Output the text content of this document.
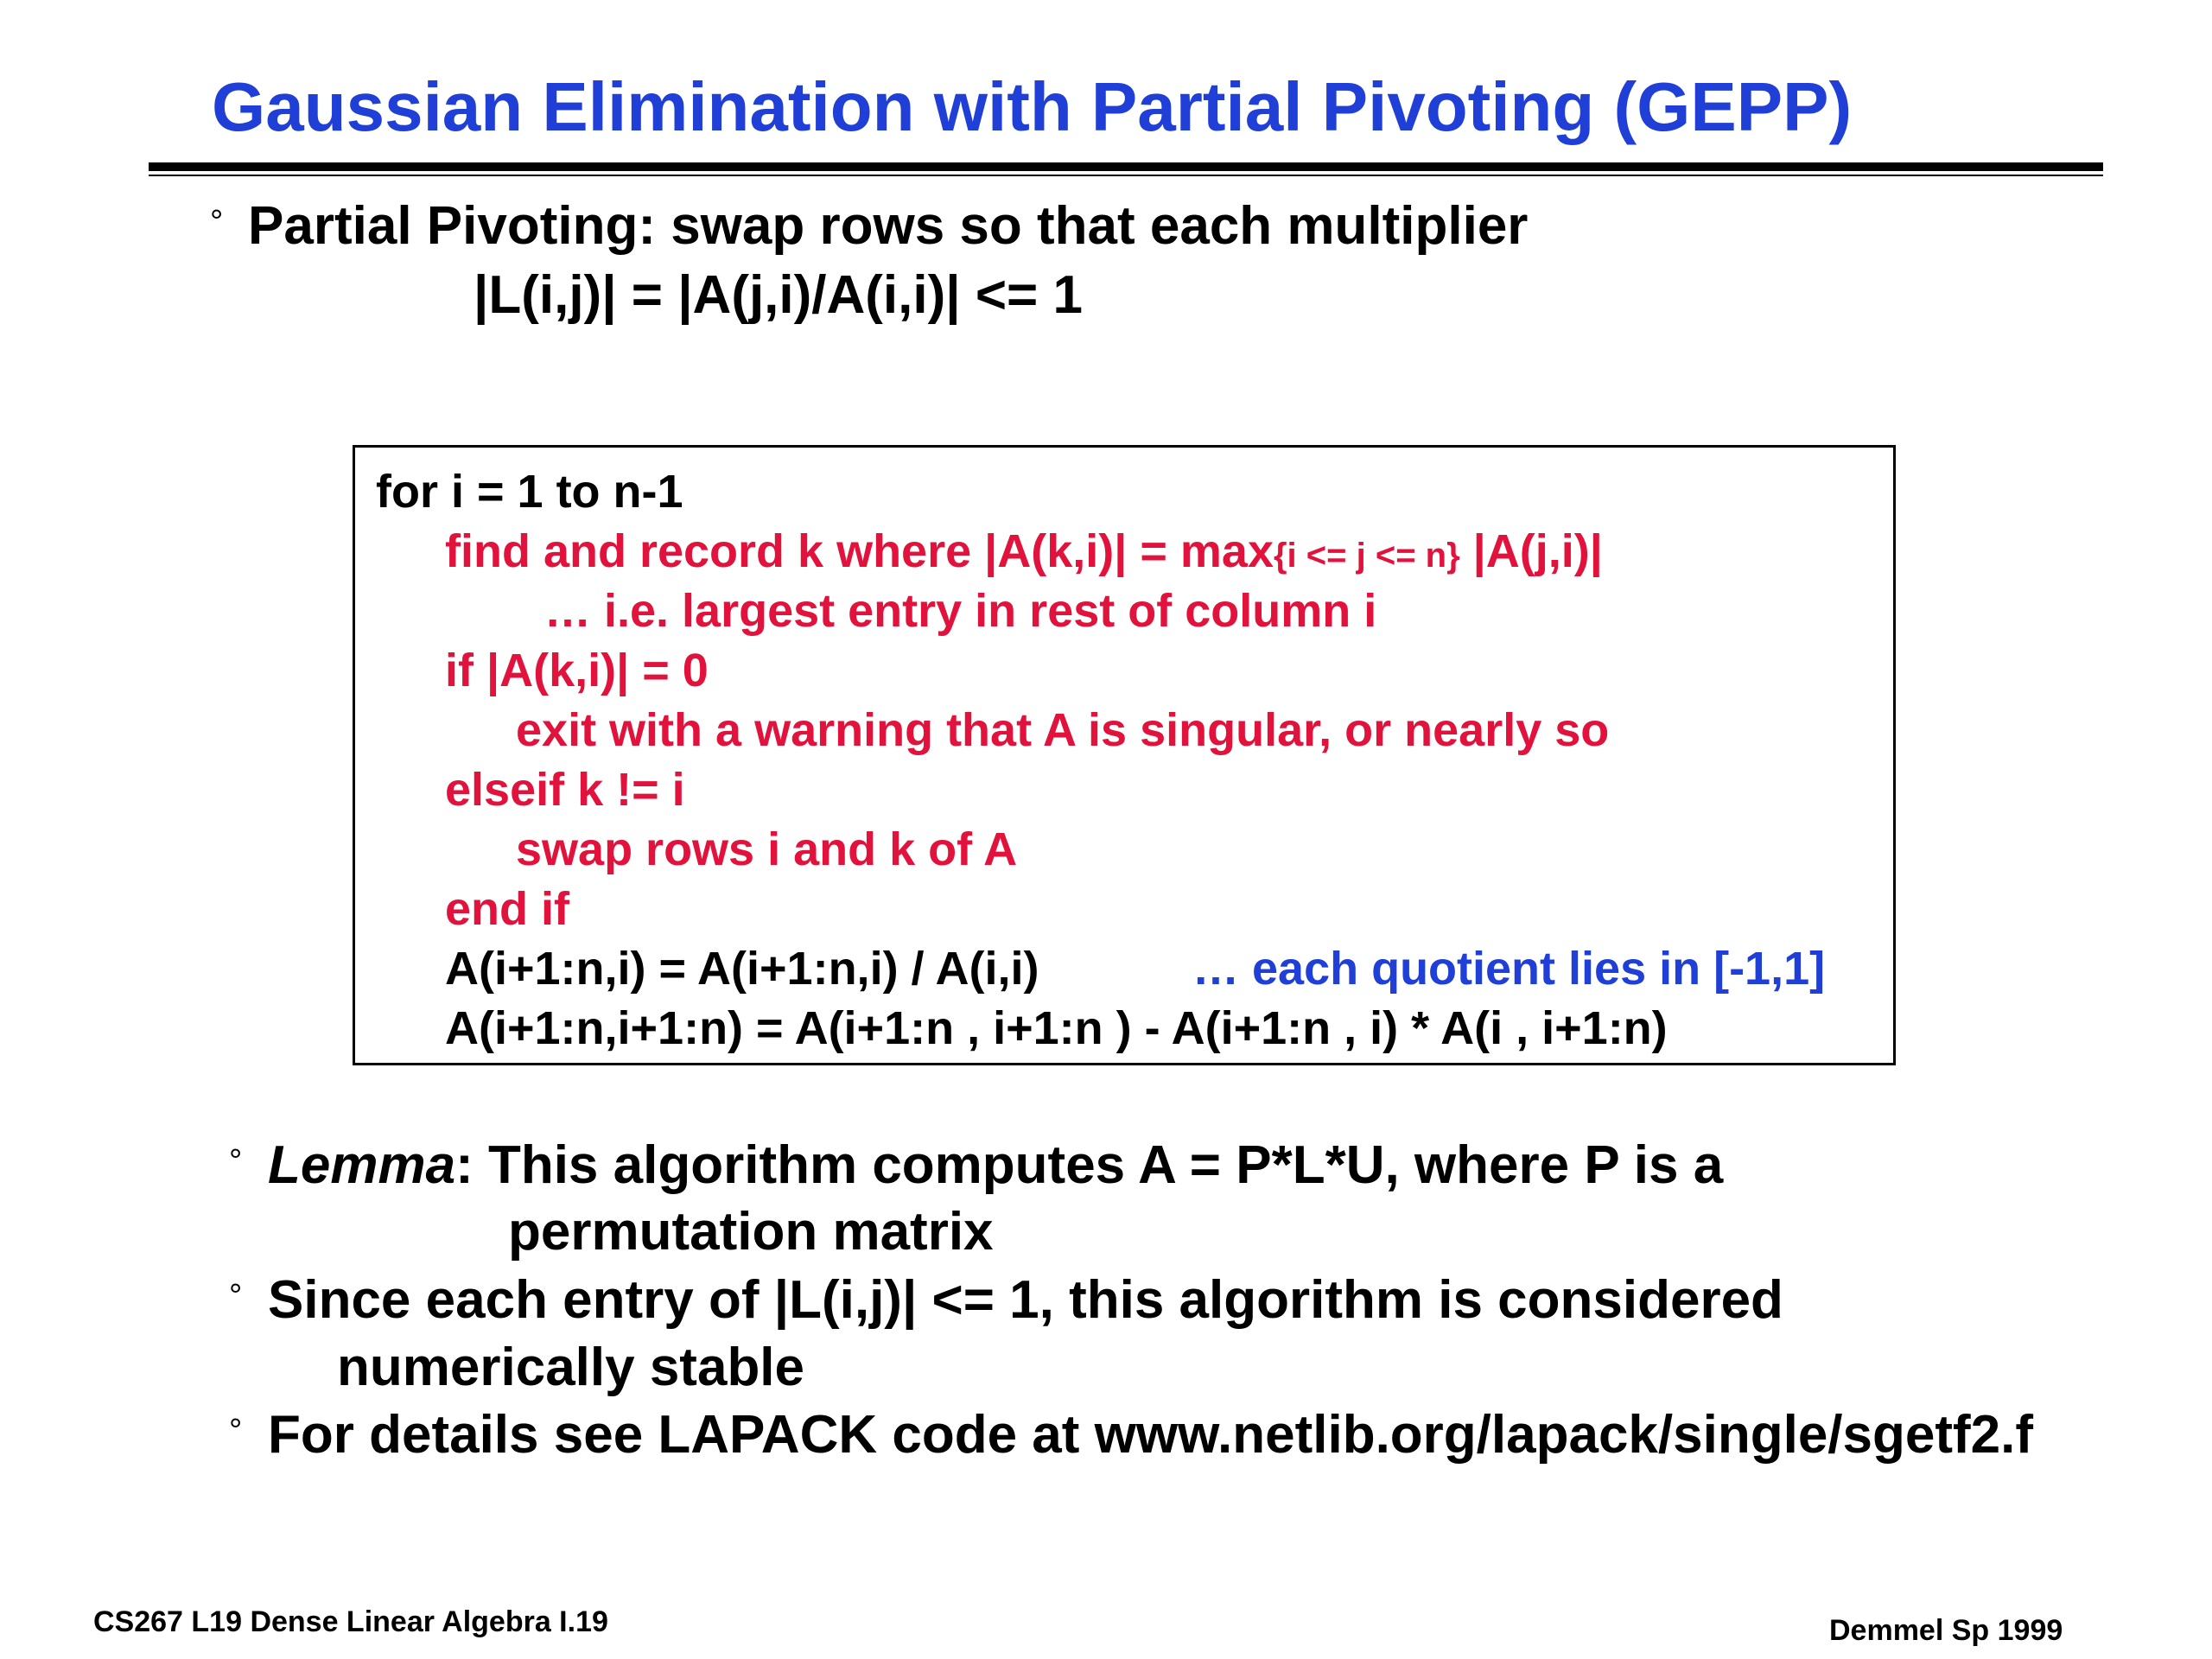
Gaussian Elimination with Partial Pivoting (GEPP)
° Partial Pivoting: swap rows so that each multiplier
|L(i,j)| = |A(j,i)/A(i,i)| <= 1
for i = 1 to n-1
find and record k where |A(k,i)| = max{i <= j <= n} |A(j,i)|
… i.e. largest entry in rest of column i
if |A(k,i)| = 0
exit with a warning that A is singular, or nearly so
elseif k != i
swap rows i and k of A
end if
A(i+1:n,i) = A(i+1:n,i) / A(i,i)	… each quotient lies in [-1,1]
A(i+1:n,i+1:n) = A(i+1:n , i+1:n ) - A(i+1:n , i) * A(i , i+1:n)
° Lemma: This algorithm computes A = P*L*U, where P is a
permutation matrix
° Since each entry of |L(i,j)| <= 1, this algorithm is considered
numerically stable
° For details see LAPACK code at www.netlib.org/lapack/single/sgetf2.f
CS267 L19 Dense Linear Algebra I.19	Demmel Sp 1999
